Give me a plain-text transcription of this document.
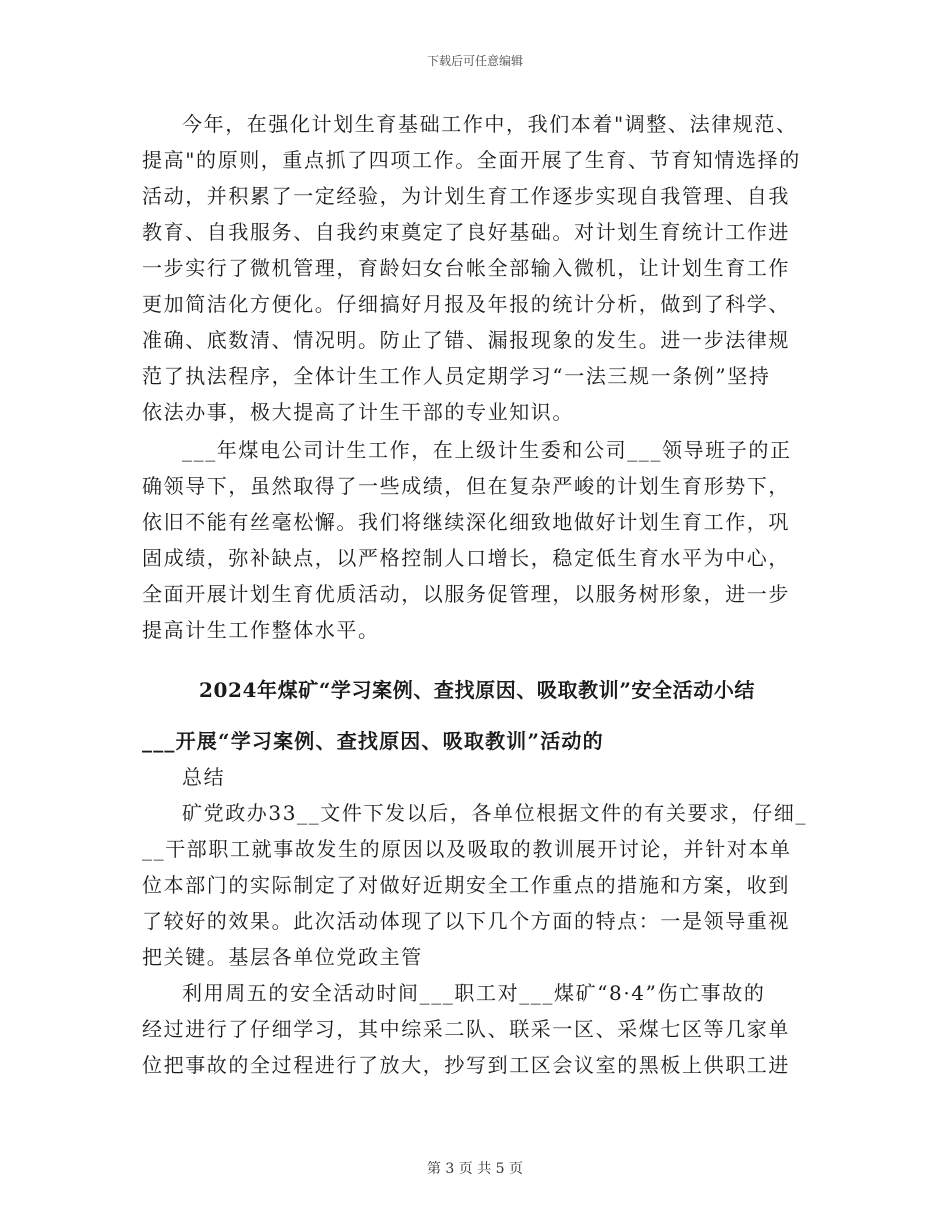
下载后可任意编辑

今年，在强化计划生育基础工作中，我们本着"调整、法律规范、
提高"的原则，重点抓了四项工作。全面开展了生育、节育知情选择的
活动，并积累了一定经验，为计划生育工作逐步实现自我管理、自我
教育、自我服务、自我约束奠定了良好基础。对计划生育统计工作进
一步实行了微机管理，育龄妇女台帐全部输入微机，让计划生育工作
更加简洁化方便化。仔细搞好月报及年报的统计分析，做到了科学、
准确、底数清、情况明。防止了错、漏报现象的发生。进一步法律规
范了执法程序，全体计生工作人员定期学习“一法三规一条例”坚持
依法办事，极大提高了计生干部的专业知识。

___年煤电公司计生工作，在上级计生委和公司___领导班子的正
确领导下，虽然取得了一些成绩，但在复杂严峻的计划生育形势下，
依旧不能有丝毫松懈。我们将继续深化细致地做好计划生育工作，巩
固成绩，弥补缺点，以严格控制人口增长，稳定低生育水平为中心，
全面开展计划生育优质活动，以服务促管理，以服务树形象，进一步
提高计生工作整体水平。

2024年煤矿“学习案例、查找原因、吸取教训”安全活动小结
___开展“学习案例、查找原因、吸取教训”活动的

总结

矿党政办33__文件下发以后，各单位根据文件的有关要求，仔细_
__干部职工就事故发生的原因以及吸取的教训展开讨论，并针对本单
位本部门的实际制定了对做好近期安全工作重点的措施和方案，收到
了较好的效果。此次活动体现了以下几个方面的特点：一是领导重视
把关键。基层各单位党政主管

利用周五的安全活动时间___职工对___煤矿“8·4”伤亡事故的
经过进行了仔细学习，其中综采二队、联采一区、采煤七区等几家单
位把事故的全过程进行了放大，抄写到工区会议室的黑板上供职工进

第 3 页 共 5 页
